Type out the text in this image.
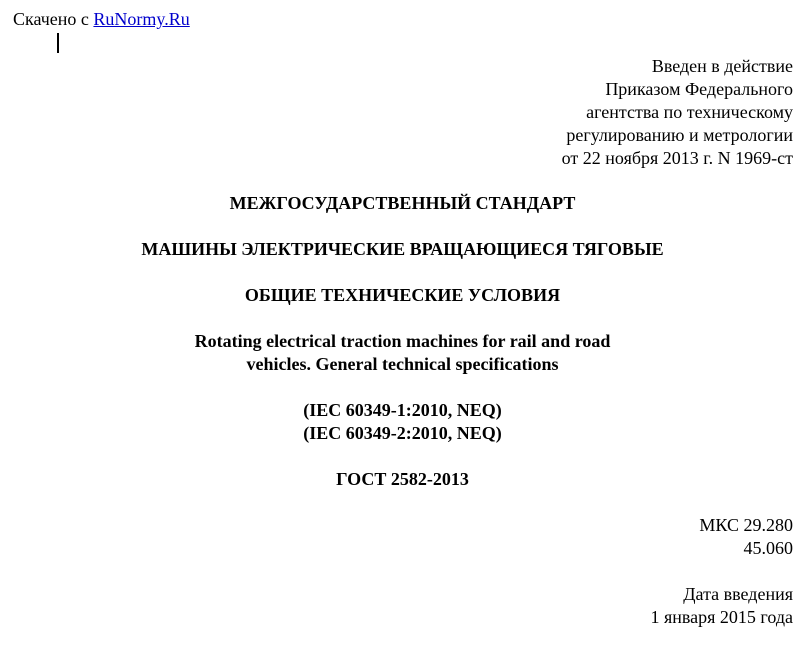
Скачено с RuNormy.Ru
Введен в действие
Приказом Федерального
агентства по техническому
регулированию и метрологии
от 22 ноября 2013 г. N 1969-ст
МЕЖГОСУДАРСТВЕННЫЙ СТАНДАРТ
МАШИНЫ ЭЛЕКТРИЧЕСКИЕ ВРАЩАЮЩИЕСЯ ТЯГОВЫЕ
ОБЩИЕ ТЕХНИЧЕСКИЕ УСЛОВИЯ
Rotating electrical traction machines for rail and road
vehicles. General technical specifications
(IEC 60349-1:2010, NEQ)
(IEC 60349-2:2010, NEQ)
ГОСТ 2582-2013
МКС 29.280
45.060
Дата введения
1 января 2015 года
